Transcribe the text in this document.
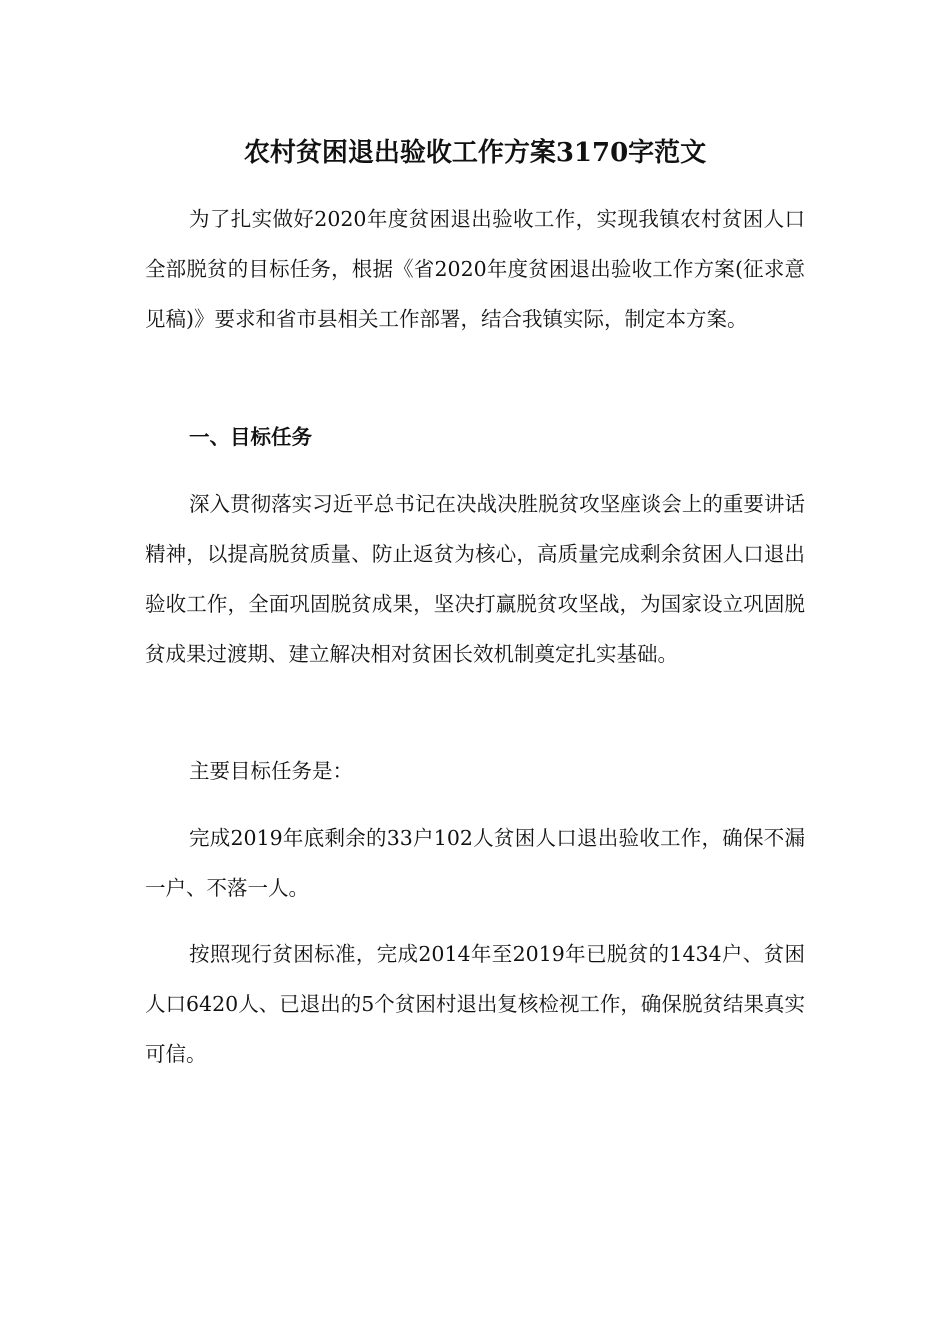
农村贫困退出验收工作方案3170字范文

为了扎实做好2020年度贫困退出验收工作，实现我镇农村贫困人口全部脱贫的目标任务，根据《省2020年度贫困退出验收工作方案(征求意见稿)》要求和省市县相关工作部署，结合我镇实际，制定本方案。

一、目标任务

深入贯彻落实习近平总书记在决战决胜脱贫攻坚座谈会上的重要讲话精神，以提高脱贫质量、防止返贫为核心，高质量完成剩余贫困人口退出验收工作，全面巩固脱贫成果，坚决打赢脱贫攻坚战，为国家设立巩固脱贫成果过渡期、建立解决相对贫困长效机制奠定扎实基础。

主要目标任务是：

完成2019年底剩余的33户102人贫困人口退出验收工作，确保不漏一户、不落一人。

按照现行贫困标准，完成2014年至2019年已脱贫的1434户、贫困人口6420人、已退出的5个贫困村退出复核检视工作，确保脱贫结果真实可信。
